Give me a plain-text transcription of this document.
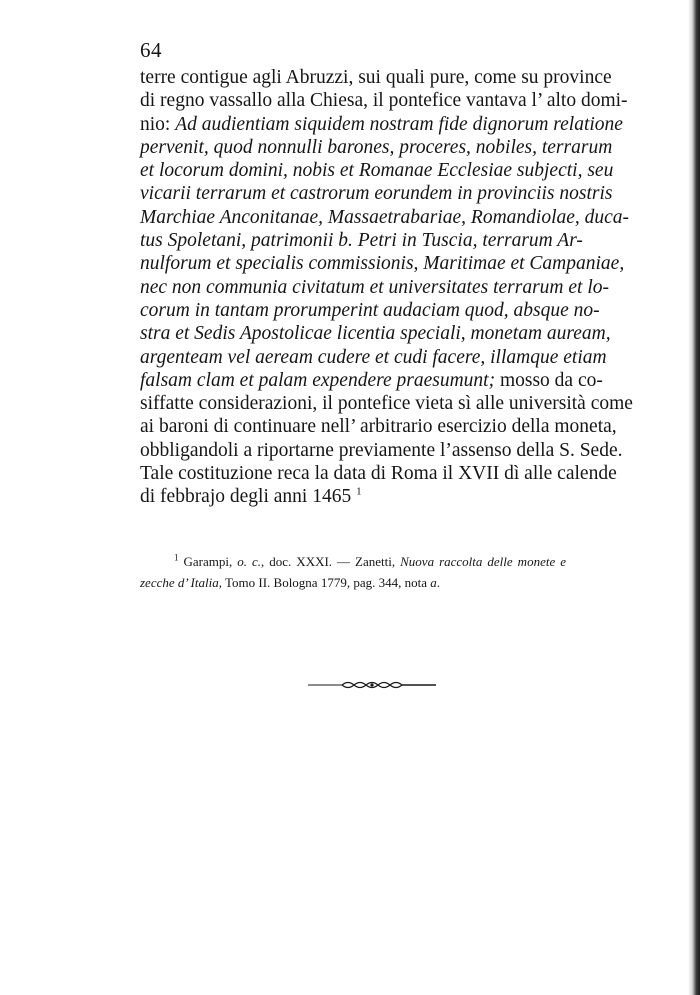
64
terre contigue agli Abruzzi, sui quali pure, come su province
di regno vassallo alla Chiesa, il pontefice vantava l’ alto domi-
nio: Ad audientiam siquidem nostram fide dignorum relatione
pervenit, quod nonnulli barones, proceres, nobiles, terrarum
et locorum domini, nobis et Romanae Ecclesiae subjecti, seu
vicarii terrarum et castrorum eorundem in provinciis nostris
Marchiae Anconitanae, Massaetrabariae, Romandiolae, duca-
tus Spoletani, patrimonii b. Petri in Tuscia, terrarum Ar-
nulforum et specialis commissionis, Maritimae et Campaniae,
nec non communia civitatum et universitates terrarum et lo-
corum in tantam prorumperint audaciam quod, absque no-
stra et Sedis Apostolicae licentia speciali, monetam auream,
argenteam vel aeream cudere et cudi facere, illamque etiam
falsam clam et palam expendere praesumunt; mosso da co-
siffatte considerazioni, il pontefice vieta sì alle università come
ai baroni di continuare nell’ arbitrario esercizio della moneta,
obbligandoli a riportarne previamente l’assenso della S. Sede.
Tale costituzione reca la data di Roma il XVII dì alle calende
di febbrajo degli anni 1465 $^1$
$^1$ Garampi, o. c., doc. XXXI. — Zanetti, Nuova raccolta delle monete e
zecche d’ Italia, Tomo II. Bologna 1779, pag. 344, nota a.
